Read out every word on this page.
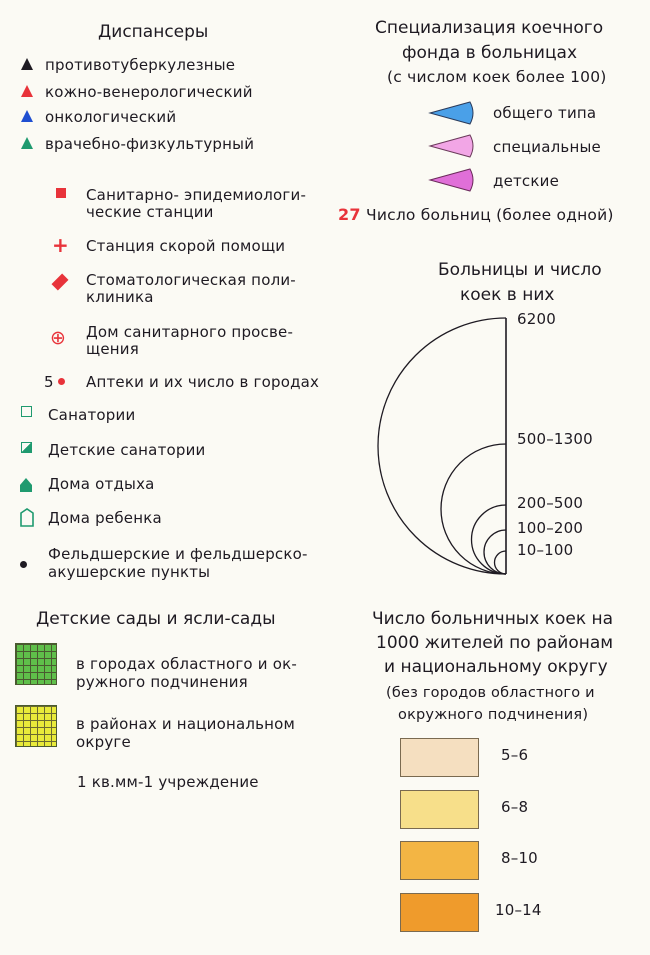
Диспансеры
противотуберкулезные
кожно-венерологический
онкологический
врачебно-физкультурный
Санитарно- эпидемиологи-
ческие станции
+ Станция скорой помощи
Стоматологическая поли-
клиника
⊕ Дом санитарного просве-
щения
5 Аптеки и их число в городах
Санатории
Детские санатории
Дома отдыха
Дома ребенка
Фельдшерские и фельдшерско-
акушерские пункты
Детские сады и ясли-сады
в городах областного и ок-
ружного подчинения
в районах и национальном
округе
1 кв.мм-1 учреждение
Специализация коечного
фонда в больницах
(с числом коек более 100)
общего типа
специальные
детские
27 Число больниц (более одной)
Больницы и число
коек в них
6200
500–1300
200–500
100–200
10–100
Число больничных коек на
1000 жителей по районам
и национальному округу
(без городов областного и
окружного подчинения)
5–6
6–8
8–10
10–14
